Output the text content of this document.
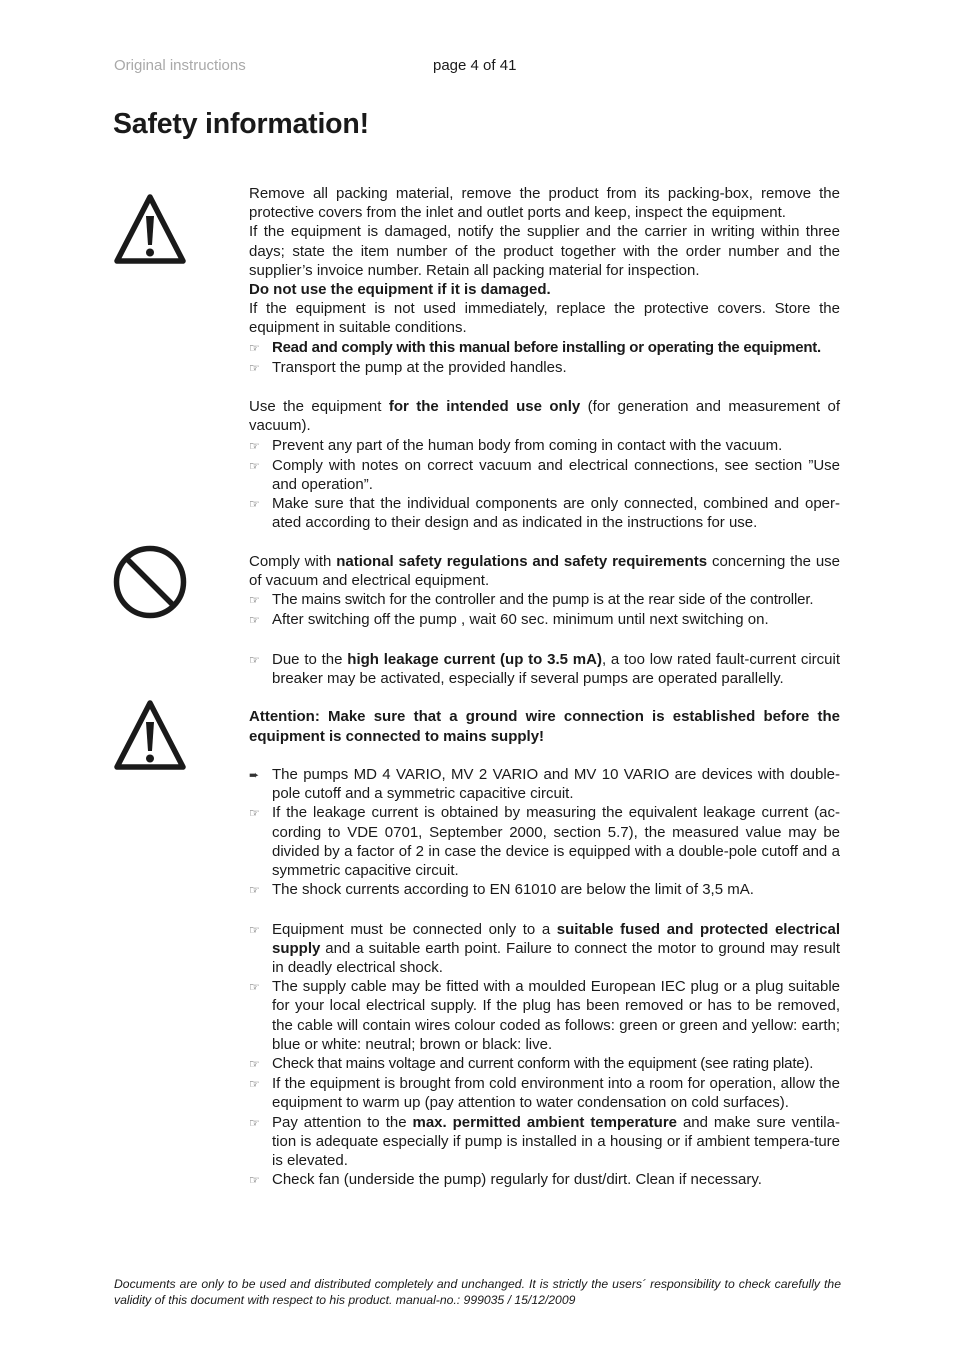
Original instructions	page 4 of 41
Safety information!

Remove all packing material, remove the product from its packing-box, remove the protective covers from the inlet and outlet ports and keep, inspect the equipment.

If the equipment is damaged, notify the supplier and the carrier in writing within three days; state the item number of the product together with the order number and the supplier’s invoice number. Retain all packing material for inspection.

Do not use the equipment if it is damaged.

If the equipment is not used immediately, replace the protective covers. Store the equipment in suitable conditions.

☞ Read and comply with this manual before installing or operating the equipment.
☞ Transport the pump at the provided handles.

Use the equipment for the intended use only (for generation and measurement of vacuum).

☞ Prevent any part of the human body from coming in contact with the vacuum.
☞ Comply with notes on correct vacuum and electrical connections, see section ”Use and operation”.
☞ Make sure that the individual components are only connected, combined and oper-ated according to their design and as indicated in the instructions for use.

Comply with national safety regulations and safety requirements concerning the use of vacuum and electrical equipment.

☞ The mains switch for the controller and the pump is at the rear side of the controller.
☞ After switching off the pump , wait 60 sec. minimum until next switching on.
☞ Due to the high leakage current (up to 3.5 mA), a too low rated fault-current circuit breaker may be activated, especially if several pumps are operated parallelly.

Attention: Make sure that a ground wire connection is established before the equipment is connected to mains supply!

➨ The pumps MD 4 VARIO, MV 2 VARIO and MV 10 VARIO are devices with double-pole cutoff and a symmetric capacitive circuit.
☞ If the leakage current is obtained by measuring the equivalent leakage current (ac-cording to VDE 0701, September 2000, section 5.7), the measured value may be divided by a factor of 2 in case the device is equipped with a double-pole cutoff and a symmetric capacitive circuit.
☞ The shock currents according to EN 61010 are below the limit of 3,5 mA.
☞ Equipment must be connected only to a suitable fused and protected electrical supply and a suitable earth point. Failure to connect the motor to ground may result in deadly electrical shock.
☞ The supply cable may be fitted with a moulded European IEC plug or a plug suitable for your local electrical supply. If the plug has been removed or has to be removed, the cable will contain wires colour coded as follows: green or green and yellow: earth; blue or white: neutral; brown or black: live.
☞ Check that mains voltage and current conform with the equipment (see rating plate).
☞ If the equipment is brought from cold environment into a room for operation, allow the equipment to warm up (pay attention to water condensation on cold surfaces).
☞ Pay attention to the max. permitted ambient temperature and make sure ventila-tion is adequate especially if pump is installed in a housing or if ambient tempera-ture is elevated.
☞ Check fan (underside the pump) regularly for dust/dirt. Clean if necessary.
Documents are only to be used and distributed completely and unchanged. It is strictly the users´ responsibility to check carefully the validity of this document with respect to his product. manual-no.: 999035 / 15/12/2009
